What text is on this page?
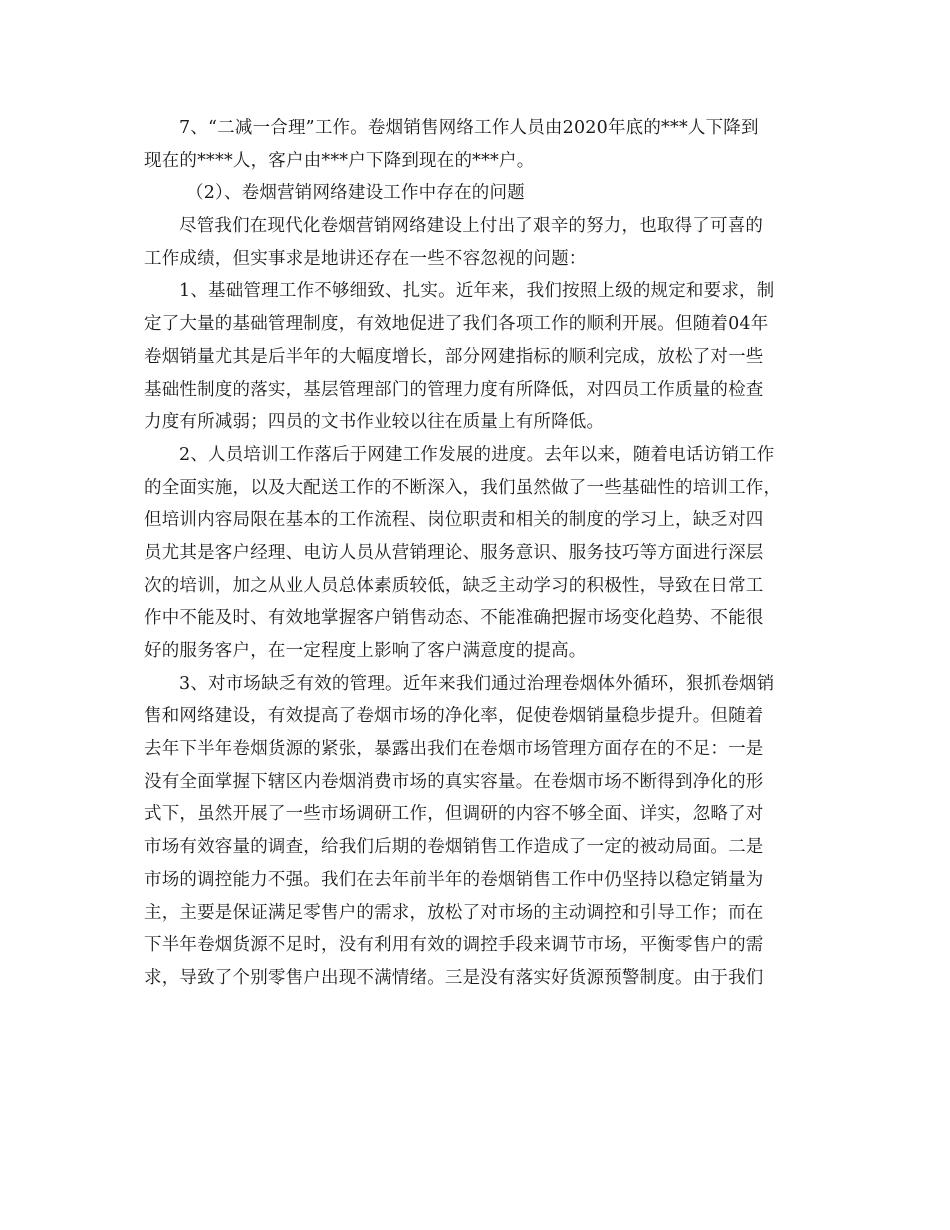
7、“二减一合理”工作。卷烟销售网络工作人员由2020年底的***人下降到
现在的****人，客户由***户下降到现在的***户。
（2）、卷烟营销网络建设工作中存在的问题
尽管我们在现代化卷烟营销网络建设上付出了艰辛的努力，也取得了可喜的
工作成绩，但实事求是地讲还存在一些不容忽视的问题：
1、基础管理工作不够细致、扎实。近年来，我们按照上级的规定和要求，制
定了大量的基础管理制度，有效地促进了我们各项工作的顺利开展。但随着04年
卷烟销量尤其是后半年的大幅度增长，部分网建指标的顺利完成，放松了对一些
基础性制度的落实，基层管理部门的管理力度有所降低，对四员工作质量的检查
力度有所减弱；四员的文书作业较以往在质量上有所降低。
2、人员培训工作落后于网建工作发展的进度。去年以来，随着电话访销工作
的全面实施，以及大配送工作的不断深入，我们虽然做了一些基础性的培训工作，
但培训内容局限在基本的工作流程、岗位职责和相关的制度的学习上，缺乏对四
员尤其是客户经理、电访人员从营销理论、服务意识、服务技巧等方面进行深层
次的培训，加之从业人员总体素质较低，缺乏主动学习的积极性，导致在日常工
作中不能及时、有效地掌握客户销售动态、不能准确把握市场变化趋势、不能很
好的服务客户，在一定程度上影响了客户满意度的提高。
3、对市场缺乏有效的管理。近年来我们通过治理卷烟体外循环，狠抓卷烟销
售和网络建设，有效提高了卷烟市场的净化率，促使卷烟销量稳步提升。但随着
去年下半年卷烟货源的紧张，暴露出我们在卷烟市场管理方面存在的不足：一是
没有全面掌握下辖区内卷烟消费市场的真实容量。在卷烟市场不断得到净化的形
式下，虽然开展了一些市场调研工作，但调研的内容不够全面、详实，忽略了对
市场有效容量的调查，给我们后期的卷烟销售工作造成了一定的被动局面。二是
市场的调控能力不强。我们在去年前半年的卷烟销售工作中仍坚持以稳定销量为
主，主要是保证满足零售户的需求，放松了对市场的主动调控和引导工作；而在
下半年卷烟货源不足时，没有利用有效的调控手段来调节市场，平衡零售户的需
求，导致了个别零售户出现不满情绪。三是没有落实好货源预警制度。由于我们
